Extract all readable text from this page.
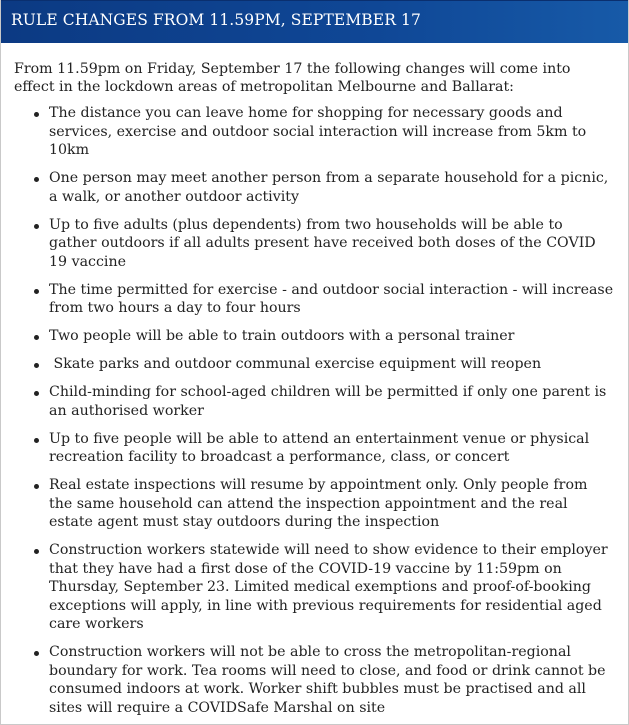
RULE CHANGES FROM 11.59PM, SEPTEMBER 17

From 11.59pm on Friday, September 17 the following changes will come into effect in the lockdown areas of metropolitan Melbourne and Ballarat:

The distance you can leave home for shopping for necessary goods and services, exercise and outdoor social interaction will increase from 5km to 10km
One person may meet another person from a separate household for a picnic, a walk, or another outdoor activity
Up to five adults (plus dependents) from two households will be able to gather outdoors if all adults present have received both doses of the COVID 19 vaccine
The time permitted for exercise - and outdoor social interaction - will increase from two hours a day to four hours
Two people will be able to train outdoors with a personal trainer
Skate parks and outdoor communal exercise equipment will reopen
Child-minding for school-aged children will be permitted if only one parent is an authorised worker
Up to five people will be able to attend an entertainment venue or physical recreation facility to broadcast a performance, class, or concert
Real estate inspections will resume by appointment only. Only people from the same household can attend the inspection appointment and the real estate agent must stay outdoors during the inspection
Construction workers statewide will need to show evidence to their employer that they have had a first dose of the COVID-19 vaccine by 11:59pm on Thursday, September 23. Limited medical exemptions and proof-of-booking exceptions will apply, in line with previous requirements for residential aged care workers
Construction workers will not be able to cross the metropolitan-regional boundary for work. Tea rooms will need to close, and food or drink cannot be consumed indoors at work. Worker shift bubbles must be practised and all sites will require a COVIDSafe Marshal on site
